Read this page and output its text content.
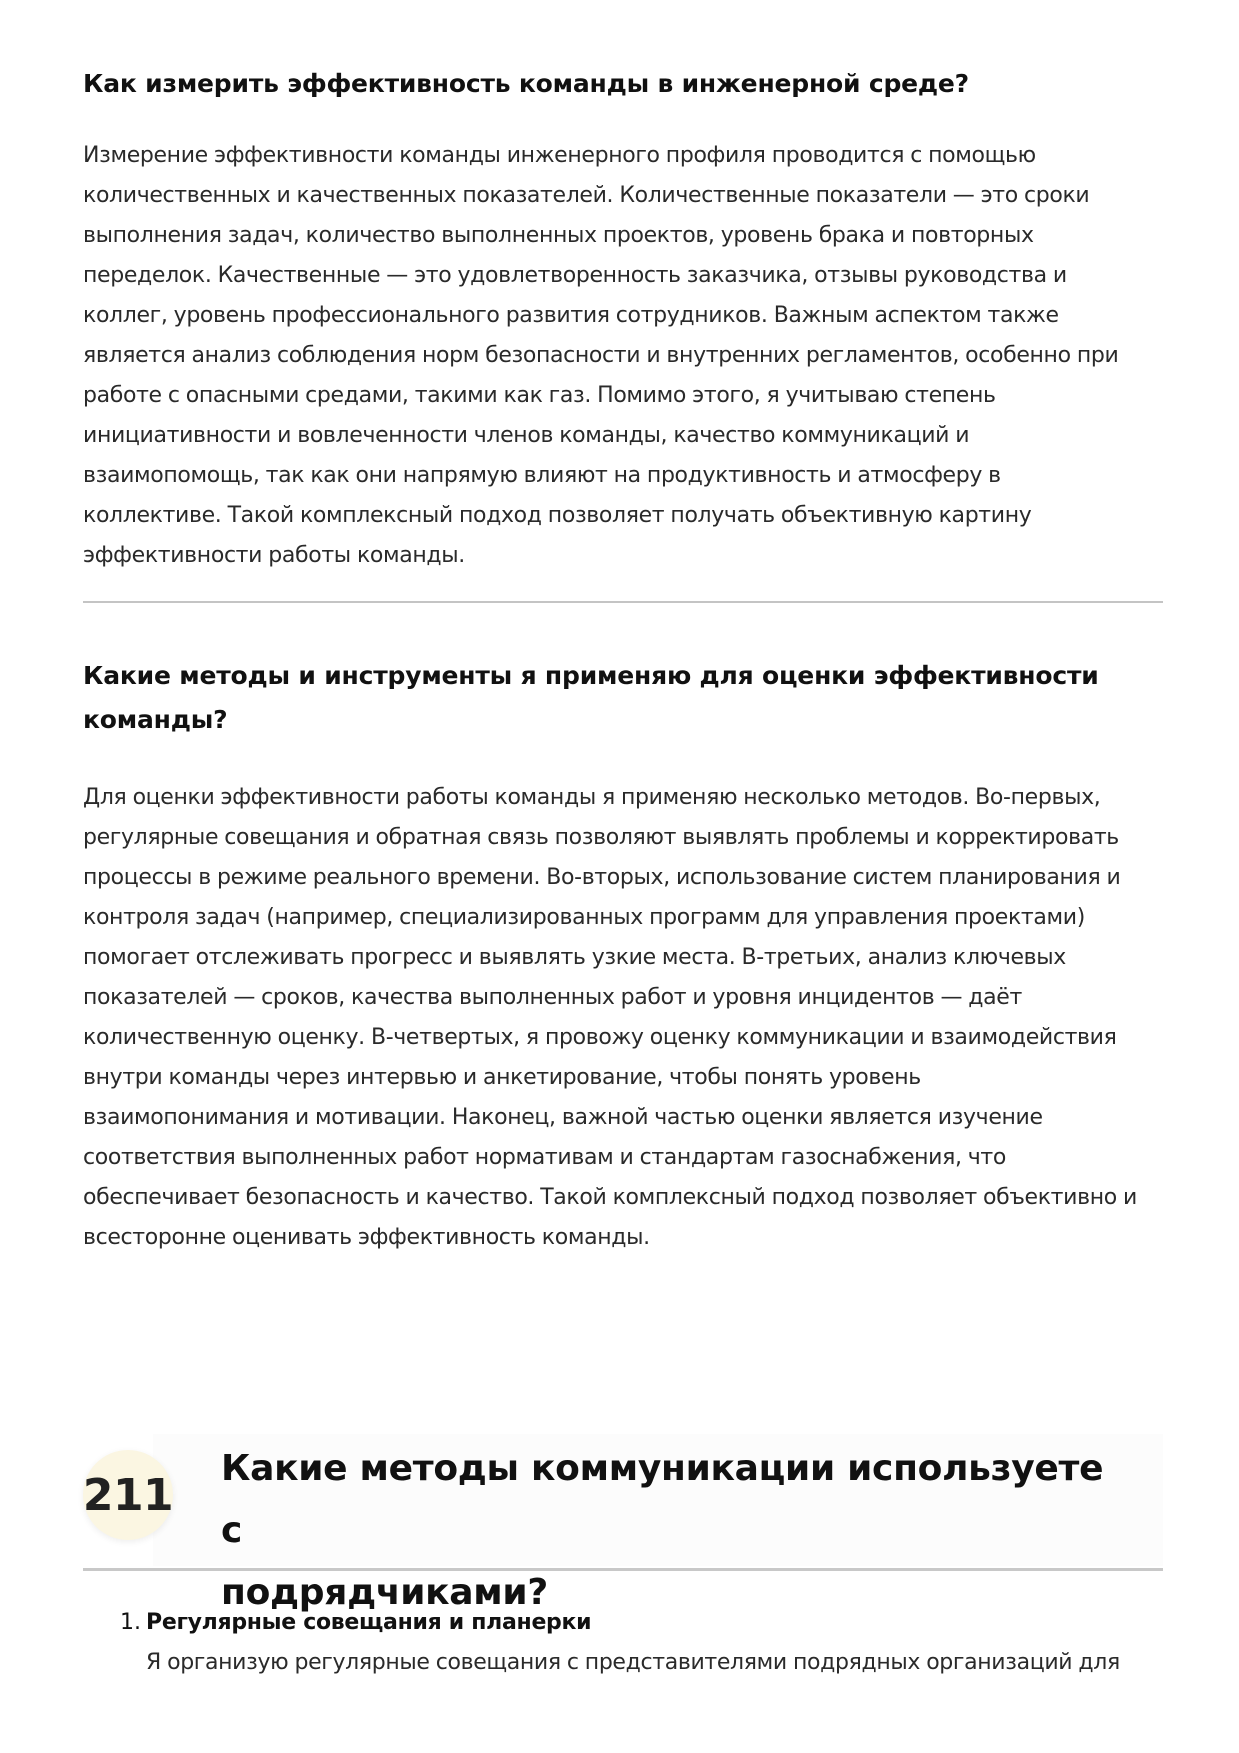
Как измерить эффективность команды в инженерной среде?

Измерение эффективности команды инженерного профиля проводится с помощью
количественных и качественных показателей. Количественные показатели — это сроки
выполнения задач, количество выполненных проектов, уровень брака и повторных
переделок. Качественные — это удовлетворенность заказчика, отзывы руководства и
коллег, уровень профессионального развития сотрудников. Важным аспектом также
является анализ соблюдения норм безопасности и внутренних регламентов, особенно при
работе с опасными средами, такими как газ. Помимо этого, я учитываю степень
инициативности и вовлеченности членов команды, качество коммуникаций и
взаимопомощь, так как они напрямую влияют на продуктивность и атмосферу в
коллективе. Такой комплексный подход позволяет получать объективную картину
эффективности работы команды.

Какие методы и инструменты я применяю для оценки эффективности
команды?

Для оценки эффективности работы команды я применяю несколько методов. Во-первых,
регулярные совещания и обратная связь позволяют выявлять проблемы и корректировать
процессы в режиме реального времени. Во-вторых, использование систем планирования и
контроля задач (например, специализированных программ для управления проектами)
помогает отслеживать прогресс и выявлять узкие места. В-третьих, анализ ключевых
показателей — сроков, качества выполненных работ и уровня инцидентов — даёт
количественную оценку. В-четвертых, я провожу оценку коммуникации и взаимодействия
внутри команды через интервью и анкетирование, чтобы понять уровень
взаимопонимания и мотивации. Наконец, важной частью оценки является изучение
соответствия выполненных работ нормативам и стандартам газоснабжения, что
обеспечивает безопасность и качество. Такой комплексный подход позволяет объективно и
всесторонне оценивать эффективность команды.

211
Какие методы коммуникации используете с
подрядчиками?
1. Регулярные совещания и планерки
Я организую регулярные совещания с представителями подрядных организаций для
